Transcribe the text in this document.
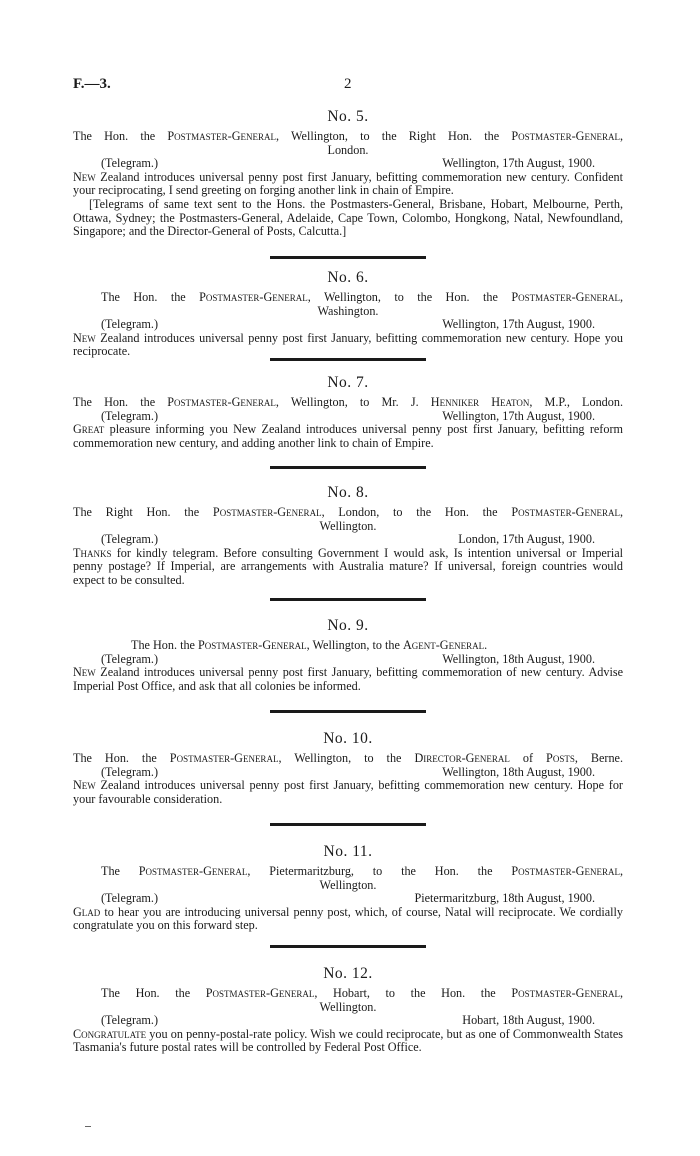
F.—3.	2
No. 5.
The Hon. the Postmaster-General, Wellington, to the Right Hon. the Postmaster-General,
London.
(Telegram.)	Wellington, 17th August, 1900.
New Zealand introduces universal penny post first January, befitting commemoration new century. Confident your reciprocating, I send greeting on forging another link in chain of Empire.
[Telegrams of same text sent to the Hons. the Postmasters-General, Brisbane, Hobart, Melbourne, Perth, Ottawa, Sydney; the Postmasters-General, Adelaide, Cape Town, Colombo, Hongkong, Natal, Newfoundland, Singapore; and the Director-General of Posts, Calcutta.]
No. 6.
The Hon. the Postmaster-General, Wellington, to the Hon. the Postmaster-General,
Washington.
(Telegram.)	Wellington, 17th August, 1900.
New Zealand introduces universal penny post first January, befitting commemoration new century. Hope you reciprocate.
No. 7.
The Hon. the Postmaster-General, Wellington, to Mr. J. Henniker Heaton, M.P., London.
(Telegram.)	Wellington, 17th August, 1900.
Great pleasure informing you New Zealand introduces universal penny post first January, befitting reform commemoration new century, and adding another link to chain of Empire.
No. 8.
The Right Hon. the Postmaster-General, London, to the Hon. the Postmaster-General,
Wellington.
(Telegram.)	London, 17th August, 1900.
Thanks for kindly telegram. Before consulting Government I would ask, Is intention universal or Imperial penny postage? If Imperial, are arrangements with Australia mature? If universal, foreign countries would expect to be consulted.
No. 9.
The Hon. the Postmaster-General, Wellington, to the Agent-General.
(Telegram.)	Wellington, 18th August, 1900.
New Zealand introduces universal penny post first January, befitting commemoration of new century. Advise Imperial Post Office, and ask that all colonies be informed.
No. 10.
The Hon. the Postmaster-General, Wellington, to the Director-General of Posts, Berne.
(Telegram.)	Wellington, 18th August, 1900.
New Zealand introduces universal penny post first January, befitting commemoration new century. Hope for your favourable consideration.
No. 11.
The Postmaster-General, Pietermaritzburg, to the Hon. the Postmaster-General,
Wellington.
(Telegram.)	Pietermaritzburg, 18th August, 1900.
Glad to hear you are introducing universal penny post, which, of course, Natal will reciprocate. We cordially congratulate you on this forward step.
No. 12.
The Hon. the Postmaster-General, Hobart, to the Hon. the Postmaster-General,
Wellington.
(Telegram.)	Hobart, 18th August, 1900.
Congratulate you on penny-postal-rate policy. Wish we could reciprocate, but as one of Commonwealth States Tasmania's future postal rates will be controlled by Federal Post Office.
